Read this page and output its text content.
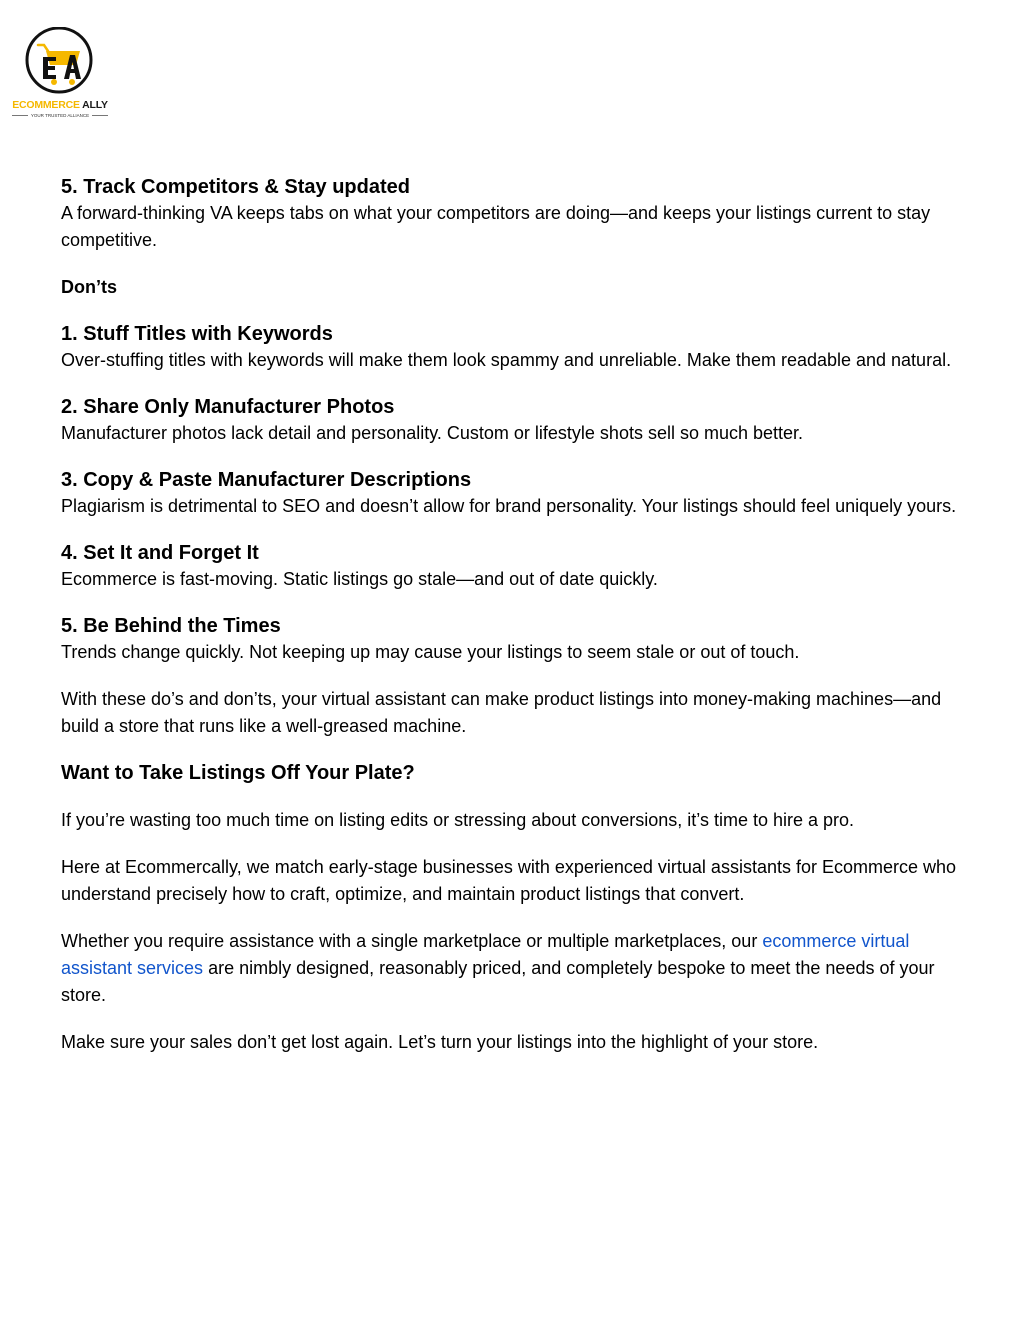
ECOMMERCE ALLY
YOUR TRUSTED ALLIANCE
5. Track Competitors & Stay updated

A forward-thinking VA keeps tabs on what your competitors are doing—and keeps your listings current to stay competitive.

Don’ts

1. Stuff Titles with Keywords

Over-stuffing titles with keywords will make them look spammy and unreliable. Make them readable and natural.

2. Share Only Manufacturer Photos

Manufacturer photos lack detail and personality. Custom or lifestyle shots sell so much better.

3. Copy & Paste Manufacturer Descriptions

Plagiarism is detrimental to SEO and doesn’t allow for brand personality. Your listings should feel uniquely yours.

4. Set It and Forget It

Ecommerce is fast-moving. Static listings go stale—and out of date quickly.

5. Be Behind the Times

Trends change quickly. Not keeping up may cause your listings to seem stale or out of touch.

With these do’s and don’ts, your virtual assistant can make product listings into money-making machines—and build a store that runs like a well-greased machine.

Want to Take Listings Off Your Plate?

If you’re wasting too much time on listing edits or stressing about conversions, it’s time to hire a pro.

Here at Ecommercally, we match early-stage businesses with experienced virtual assistants for Ecommerce who understand precisely how to craft, optimize, and maintain product listings that convert.

Whether you require assistance with a single marketplace or multiple marketplaces, our ecommerce virtual assistant services are nimbly designed, reasonably priced, and completely bespoke to meet the needs of your store.

Make sure your sales don’t get lost again. Let’s turn your listings into the highlight of your store.
